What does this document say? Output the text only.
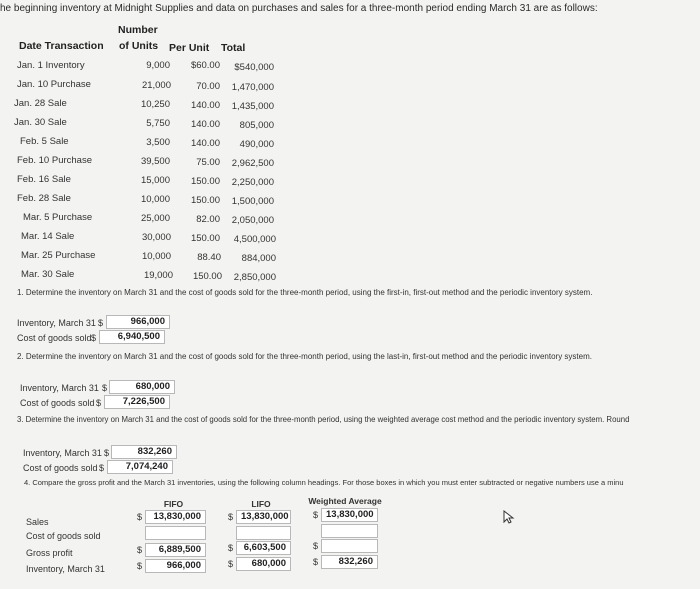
he beginning inventory at Midnight Supplies and data on purchases and sales for a three-month period ending March 31 are as follows:
Number
Date Transaction of Units Per Unit Total
Jan. 1 Inventory	9,000	$60.00	$540,000
Jan. 10 Purchase	21,000	70.00	1,470,000
Jan. 28 Sale	10,250	140.00	1,435,000
Jan. 30 Sale	5,750	140.00	805,000
Feb. 5 Sale	3,500	140.00	490,000
Feb. 10 Purchase	39,500	75.00	2,962,500
Feb. 16 Sale	15,000	150.00	2,250,000
Feb. 28 Sale	10,000	150.00	1,500,000
Mar. 5 Purchase	25,000	82.00	2,050,000
Mar. 14 Sale	30,000	150.00	4,500,000
Mar. 25 Purchase	10,000	88.40	884,000
Mar. 30 Sale	19,000	150.00	2,850,000
1. Determine the inventory on March 31 and the cost of goods sold for the three-month period, using the first-in, first-out method and the periodic inventory system.
Inventory, March 31 $	966,000
Cost of goods sold $	6,940,500
2. Determine the inventory on March 31 and the cost of goods sold for the three-month period, using the last-in, first-out method and the periodic inventory system.
Inventory, March 31 $	680,000
Cost of goods sold $	7,226,500
3. Determine the inventory on March 31 and the cost of goods sold for the three-month period, using the weighted average cost method and the periodic inventory system. Round
Inventory, March 31 $	832,260
Cost of goods sold $	7,074,240
4. Compare the gross profit and the March 31 inventories, using the following column headings. For those boxes in which you must enter subtracted or negative numbers use a minu
FIFO	LIFO	Weighted Average
Sales	$	13,830,000	$ 13,830,000	$ 13,830,000
Cost of goods sold
Gross profit	$	6,889,500	$	6,603,500	$
Inventory, March 31	$	966,000	$	680,000	$	832,260
